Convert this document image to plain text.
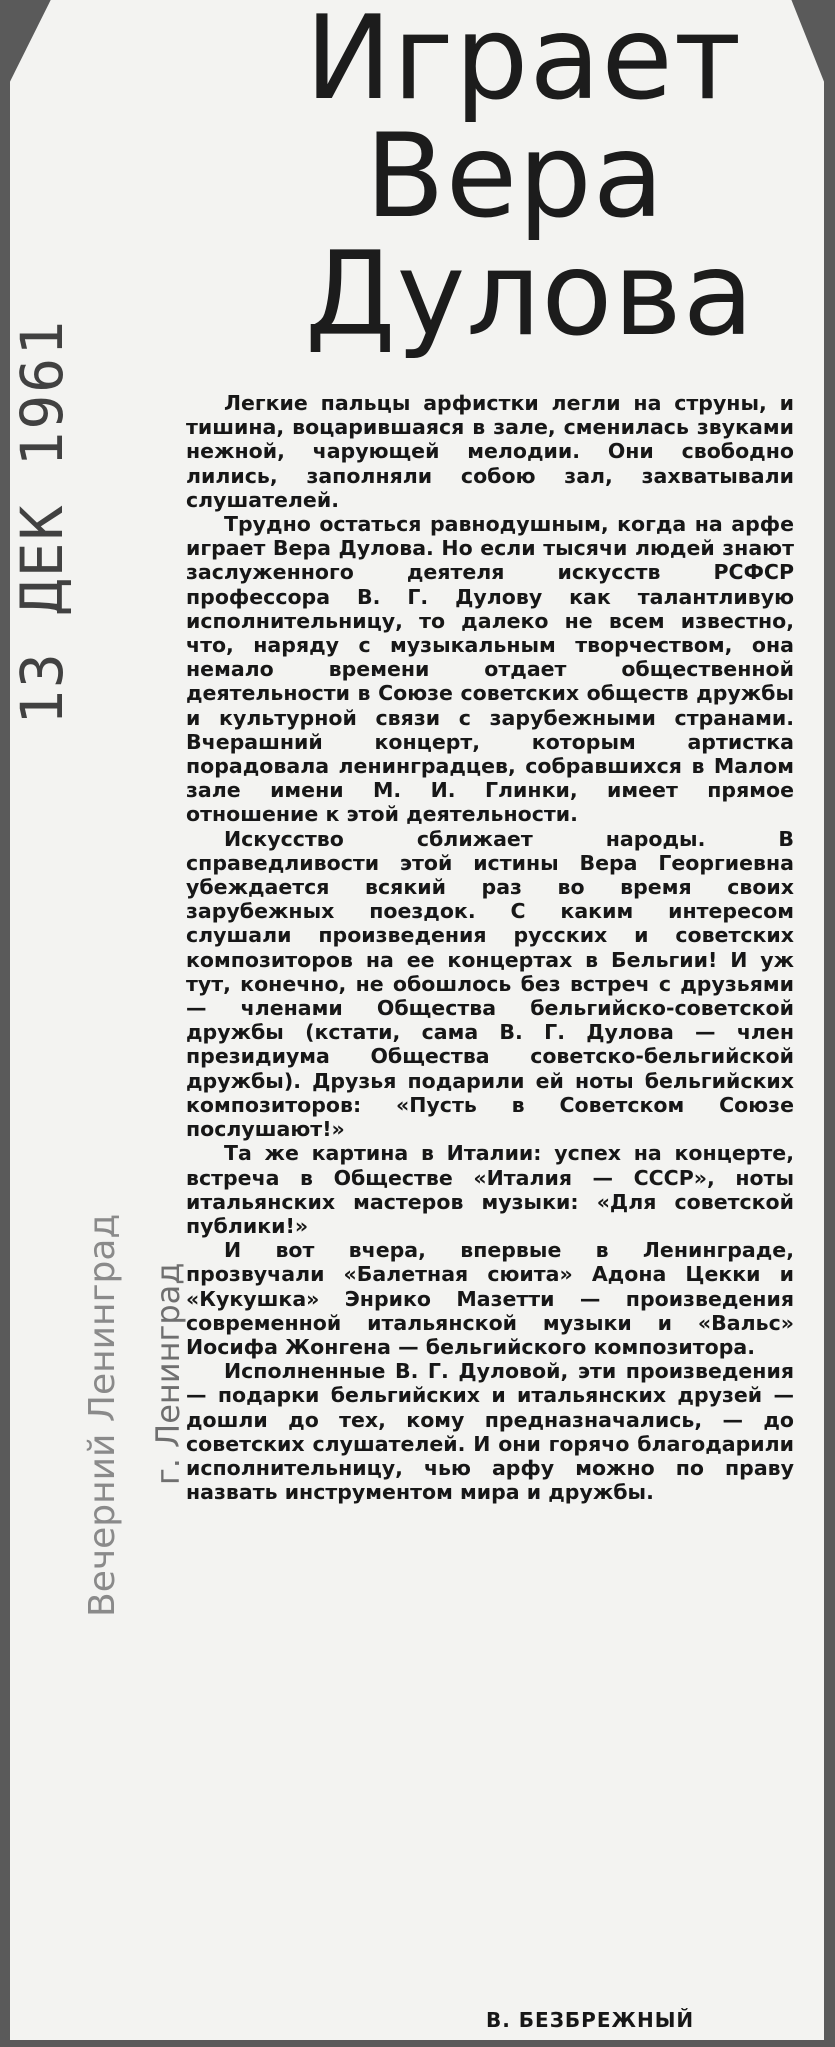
Играет
Вера
Дулова
13 ДЕК 1961
Вечерний Ленинград г. Ленинград

Легкие пальцы арфистки легли на струны, и тишина, воцарившаяся в зале, сменилась звуками нежной, чарующей мелодии. Они свободно лились, заполняли собою зал, захватывали слушателей.

Трудно остаться равнодушным, когда на арфе играет Вера Дулова. Но если тысячи людей знают заслуженного деятеля искусств РСФСР профессора В. Г. Дулову как талантливую исполнительницу, то далеко не всем известно, что, наряду с музыкальным творчеством, она немало времени отдает общественной деятельности в Союзе советских обществ дружбы и культурной связи с зарубежными странами. Вчерашний концерт, которым артистка порадовала ленинградцев, собравшихся в Малом зале имени М. И. Глинки, имеет прямое отношение к этой деятельности.

Искусство сближает народы. В справедливости этой истины Вера Георгиевна убеждается всякий раз во время своих зарубежных поездок. С каким интересом слушали произведения русских и советских композиторов на ее концертах в Бельгии! И уж тут, конечно, не обошлось без встреч с друзьями — членами Общества бельгийско-советской дружбы (кстати, сама В. Г. Дулова — член президиума Общества советско-бельгийской дружбы). Друзья подарили ей ноты бельгийских композиторов: «Пусть в Советском Союзе послушают!»

Та же картина в Италии: успех на концерте, встреча в Обществе «Италия — СССР», ноты итальянских мастеров музыки: «Для советской публики!»

И вот вчера, впервые в Ленинграде, прозвучали «Балетная сюита» Адона Цекки и «Кукушка» Энрико Мазетти — произведения современной итальянской музыки и «Вальс» Иосифа Жонгена — бельгийского композитора.

Исполненные В. Г. Дуловой, эти произведения — подарки бельгийских и итальянских друзей — дошли до тех, кому предназначались, — до советских слушателей. И они горячо благодарили исполнительницу, чью арфу можно по праву назвать инструментом мира и дружбы.

В. БЕЗБРЕЖНЫЙ
